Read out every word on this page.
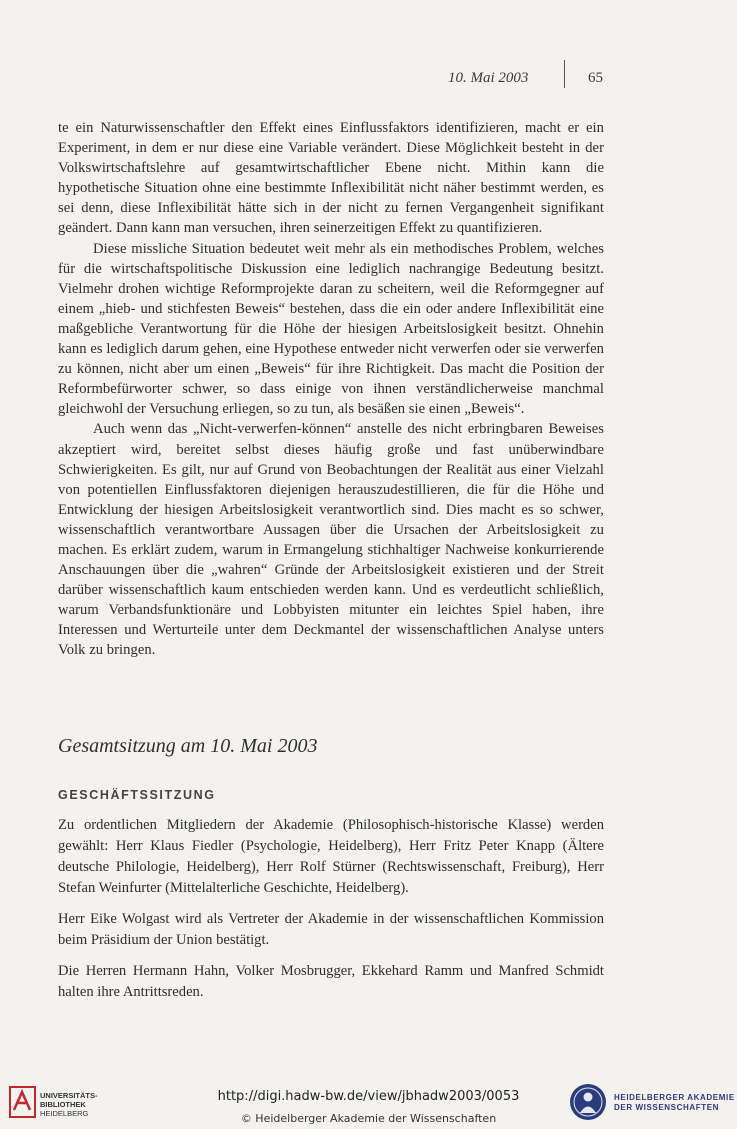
10. Mai 2003	65

te ein Naturwissenschaftler den Effekt eines Einflussfaktors identifizieren, macht er ein Experiment, in dem er nur diese eine Variable verändert. Diese Möglichkeit besteht in der Volkswirtschaftslehre auf gesamtwirtschaftlicher Ebene nicht. Mithin kann die hypothetische Situation ohne eine bestimmte Inflexibilität nicht näher bestimmt werden, es sei denn, diese Inflexibilität hätte sich in der nicht zu fernen Vergangenheit signifikant geändert. Dann kann man versuchen, ihren seinerzeitigen Effekt zu quantifizieren.

Diese missliche Situation bedeutet weit mehr als ein methodisches Problem, welches für die wirtschaftspolitische Diskussion eine lediglich nachrangige Bedeutung besitzt. Vielmehr drohen wichtige Reformprojekte daran zu scheitern, weil die Reformgegner auf einem „hieb- und stichfesten Beweis“ bestehen, dass die ein oder andere Inflexibilität eine maßgebliche Verantwortung für die Höhe der hiesigen Arbeitslosigkeit besitzt. Ohnehin kann es lediglich darum gehen, eine Hypothese entweder nicht verwerfen oder sie verwerfen zu können, nicht aber um einen „Beweis“ für ihre Richtigkeit. Das macht die Position der Reformbefürworter schwer, so dass einige von ihnen verständlicherweise manchmal gleichwohl der Versuchung erliegen, so zu tun, als besäßen sie einen „Beweis“.

Auch wenn das „Nicht-verwerfen-können“ anstelle des nicht erbringbaren Beweises akzeptiert wird, bereitet selbst dieses häufig große und fast unüberwindbare Schwierigkeiten. Es gilt, nur auf Grund von Beobachtungen der Realität aus einer Vielzahl von potentiellen Einflussfaktoren diejenigen herauszudestillieren, die für die Höhe und Entwicklung der hiesigen Arbeitslosigkeit verantwortlich sind. Dies macht es so schwer, wissenschaftlich verantwortbare Aussagen über die Ursachen der Arbeitslosigkeit zu machen. Es erklärt zudem, warum in Ermangelung stichhaltiger Nachweise konkurrierende Anschauungen über die „wahren“ Gründe der Arbeitslosigkeit existieren und der Streit darüber wissenschaftlich kaum entschieden werden kann. Und es verdeutlicht schließlich, warum Verbandsfunktionäre und Lobbyisten mitunter ein leichtes Spiel haben, ihre Interessen und Werturteile unter dem Deckmantel der wissenschaftlichen Analyse unters Volk zu bringen.

Gesamtsitzung am 10. Mai 2003
GESCHÄFTSSITZUNG

Zu ordentlichen Mitgliedern der Akademie (Philosophisch-historische Klasse) werden gewählt: Herr Klaus Fiedler (Psychologie, Heidelberg), Herr Fritz Peter Knapp (Ältere deutsche Philologie, Heidelberg), Herr Rolf Stürner (Rechtswissenschaft, Freiburg), Herr Stefan Weinfurter (Mittelalterliche Geschichte, Heidelberg).

Herr Eike Wolgast wird als Vertreter der Akademie in der wissenschaftlichen Kommission beim Präsidium der Union bestätigt.

Die Herren Hermann Hahn, Volker Mosbrugger, Ekkehard Ramm und Manfred Schmidt halten ihre Antrittsreden.

UNIVERSITÄTS-
BIBLIOTHEK
HEIDELBERG
http://digi.hadw-bw.de/view/jbhadw2003/0053
© Heidelberger Akademie der Wissenschaften
HEIDELBERGER AKADEMIE
DER WISSENSCHAFTEN
